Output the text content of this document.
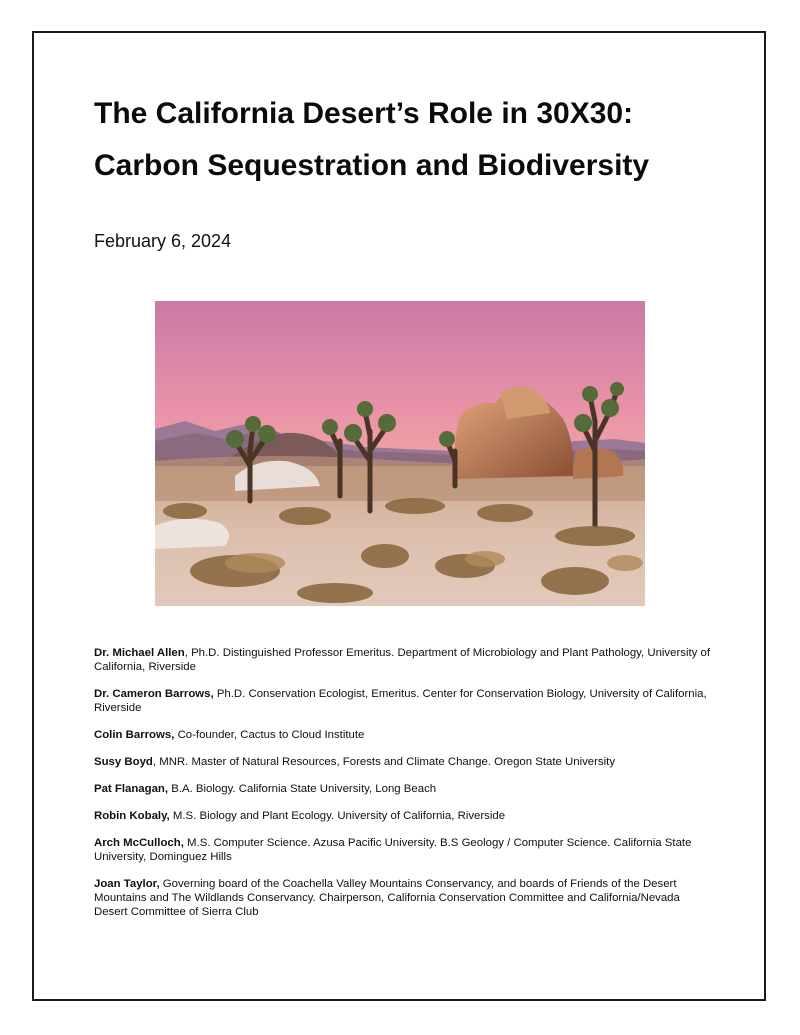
The California Desert’s Role in 30X30:
Carbon Sequestration and Biodiversity

February 6, 2024

Dr. Michael Allen, Ph.D. Distinguished Professor Emeritus. Department of Microbiology and Plant Pathology, University of California, Riverside

Dr. Cameron Barrows, Ph.D. Conservation Ecologist, Emeritus. Center for Conservation Biology, University of California, Riverside

Colin Barrows, Co-founder, Cactus to Cloud Institute

Susy Boyd, MNR. Master of Natural Resources, Forests and Climate Change. Oregon State University

Pat Flanagan, B.A. Biology. California State University, Long Beach

Robin Kobaly, M.S. Biology and Plant Ecology. University of California, Riverside

Arch McCulloch, M.S. Computer Science. Azusa Pacific University. B.S Geology / Computer Science. California State University, Dominguez Hills

Joan Taylor, Governing board of the Coachella Valley Mountains Conservancy, and boards of Friends of the Desert Mountains and The Wildlands Conservancy. Chairperson, California Conservation Committee and California/Nevada Desert Committee of Sierra Club
